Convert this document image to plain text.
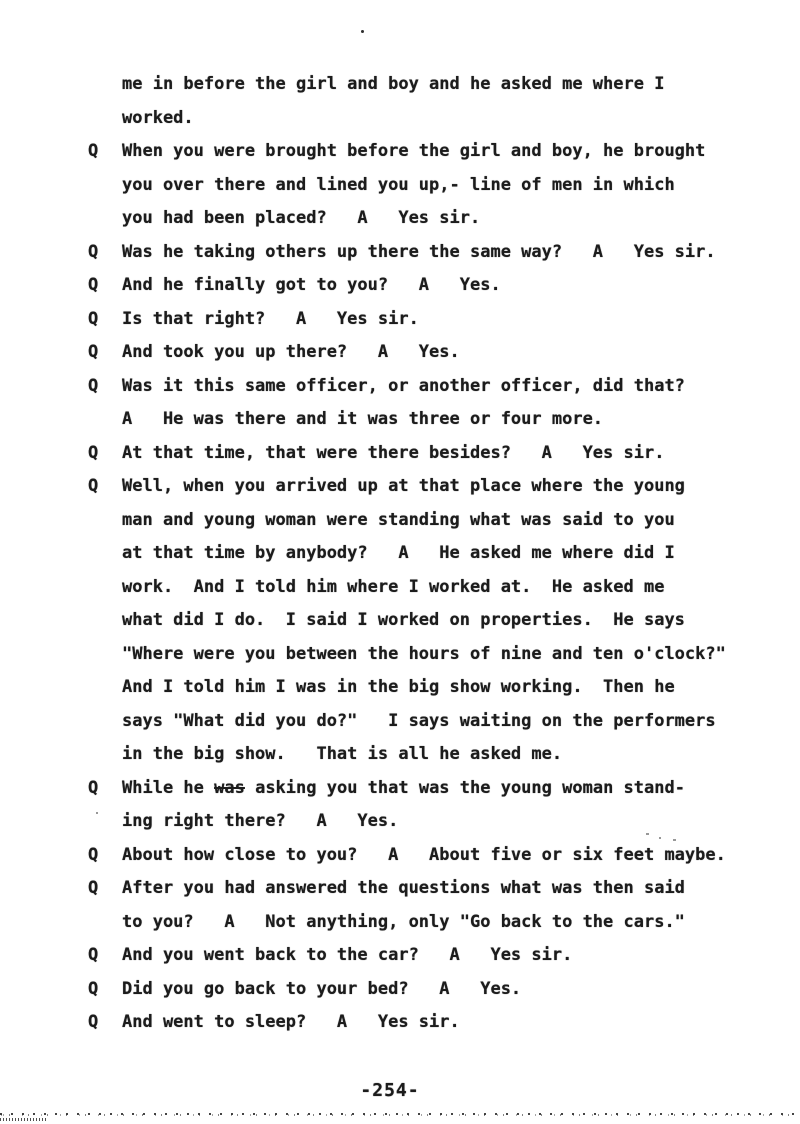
me in before the girl and boy and he asked me where I
worked.
Q	When you were brought before the girl and boy, he brought
you over there and lined you up,- line of men in which
you had been placed?   A   Yes sir.
Q	Was he taking others up there the same way?   A   Yes sir.
Q	And he finally got to you?   A   Yes.
Q	Is that right?   A   Yes sir.
Q	And took you up there?   A   Yes.
Q	Was it this same officer, or another officer, did that?
A   He was there and it was three or four more.
Q	At that time, that were there besides?   A   Yes sir.
Q	Well, when you arrived up at that place where the young
man and young woman were standing what was said to you
at that time by anybody?   A   He asked me where did I
work.  And I told him where I worked at.  He asked me
what did I do.  I said I worked on properties.  He says
"Where were you between the hours of nine and ten o'clock?"
And I told him I was in the big show working.  Then he
says "What did you do?"   I says waiting on the performers
in the big show.   That is all he asked me.
Q	While he was asking you that was the young woman stand-
ing right there?   A   Yes.
Q	About how close to you?   A   About five or six feet maybe.
Q	After you had answered the questions what was then said
to you?   A   Not anything, only "Go back to the cars."
Q	And you went back to the car?   A   Yes sir.
Q	Did you go back to your bed?   A   Yes.
Q	And went to sleep?   A   Yes sir.
-254-
